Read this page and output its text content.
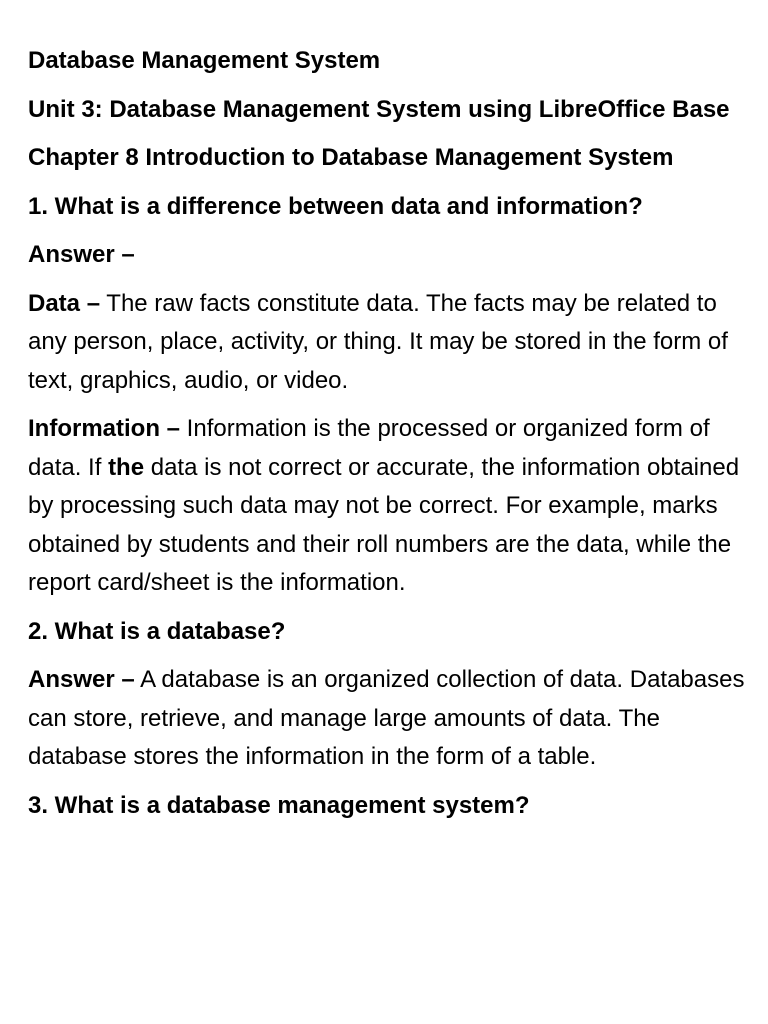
Database Management System

Unit 3: Database Management System using LibreOffice Base

Chapter 8 Introduction to Database Management System

1. What is a difference between data and information?

Answer –

Data – The raw facts constitute data. The facts may be related to any person, place, activity, or thing. It may be stored in the form of text, graphics, audio, or video.

Information – Information is the processed or organized form of data. If the data is not correct or accurate, the information obtained by processing such data may not be correct. For example, marks obtained by students and their roll numbers are the data, while the report card/sheet is the information.

2. What is a database?

Answer – A database is an organized collection of data. Databases can store, retrieve, and manage large amounts of data. The database stores the information in the form of a table.

3. What is a database management system?
